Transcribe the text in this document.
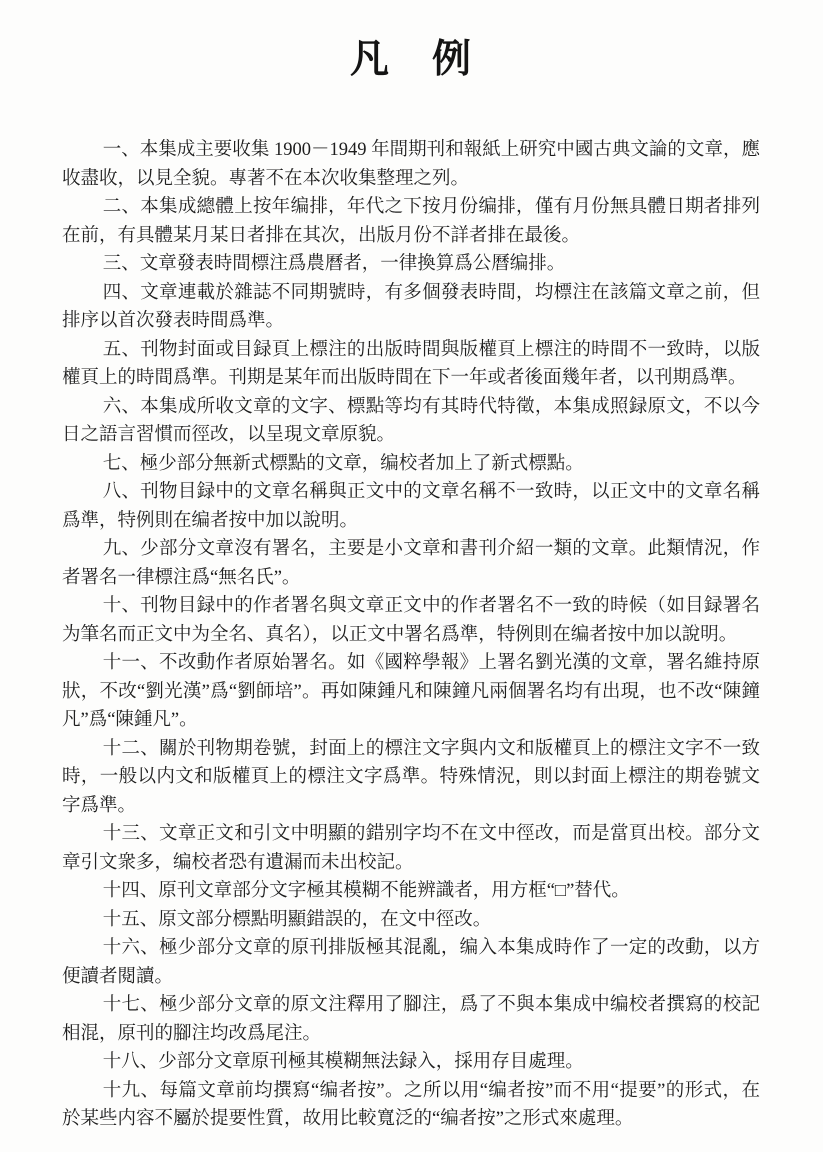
凡　例

一、本集成主要收集 1900－1949 年間期刊和報紙上研究中國古典文論的文章，應收盡收，以見全貌。專著不在本次收集整理之列。

二、本集成總體上按年编排，年代之下按月份编排，僅有月份無具體日期者排列在前，有具體某月某日者排在其次，出版月份不詳者排在最後。

三、文章發表時間標注爲農曆者，一律換算爲公曆编排。

四、文章連載於雜誌不同期號時，有多個發表時間，均標注在該篇文章之前，但排序以首次發表時間爲準。

五、刊物封面或目録頁上標注的出版時間與版權頁上標注的時間不一致時，以版權頁上的時間爲準。刊期是某年而出版時間在下一年或者後面幾年者，以刊期爲準。

六、本集成所收文章的文字、標點等均有其時代特徵，本集成照録原文，不以今日之語言習慣而徑改，以呈現文章原貌。

七、極少部分無新式標點的文章，编校者加上了新式標點。

八、刊物目録中的文章名稱與正文中的文章名稱不一致時，以正文中的文章名稱爲準，特例則在编者按中加以說明。

九、少部分文章沒有署名，主要是小文章和書刊介紹一類的文章。此類情況，作者署名一律標注爲“無名氏”。

十、刊物目録中的作者署名與文章正文中的作者署名不一致的時候（如目録署名为筆名而正文中为全名、真名），以正文中署名爲準，特例則在编者按中加以說明。

十一、不改動作者原始署名。如《國粹學報》上署名劉光漢的文章，署名維持原狀，不改“劉光漢”爲“劉師培”。再如陳鍾凡和陳鐘凡兩個署名均有出現，也不改“陳鐘凡”爲“陳鍾凡”。

十二、關於刊物期卷號，封面上的標注文字與内文和版權頁上的標注文字不一致時，一般以内文和版權頁上的標注文字爲準。特殊情況，則以封面上標注的期卷號文字爲準。

十三、文章正文和引文中明顯的錯别字均不在文中徑改，而是當頁出校。部分文章引文衆多，编校者恐有遺漏而未出校記。

十四、原刊文章部分文字極其模糊不能辨識者，用方框“□”替代。

十五、原文部分標點明顯錯誤的，在文中徑改。

十六、極少部分文章的原刊排版極其混亂，编入本集成時作了一定的改動，以方便讀者閱讀。

十七、極少部分文章的原文注釋用了腳注，爲了不與本集成中编校者撰寫的校記相混，原刊的腳注均改爲尾注。

十八、少部分文章原刊極其模糊無法録入，採用存目處理。

十九、每篇文章前均撰寫“编者按”。之所以用“编者按”而不用“提要”的形式，在於某些内容不屬於提要性質，故用比較寬泛的“编者按”之形式來處理。
